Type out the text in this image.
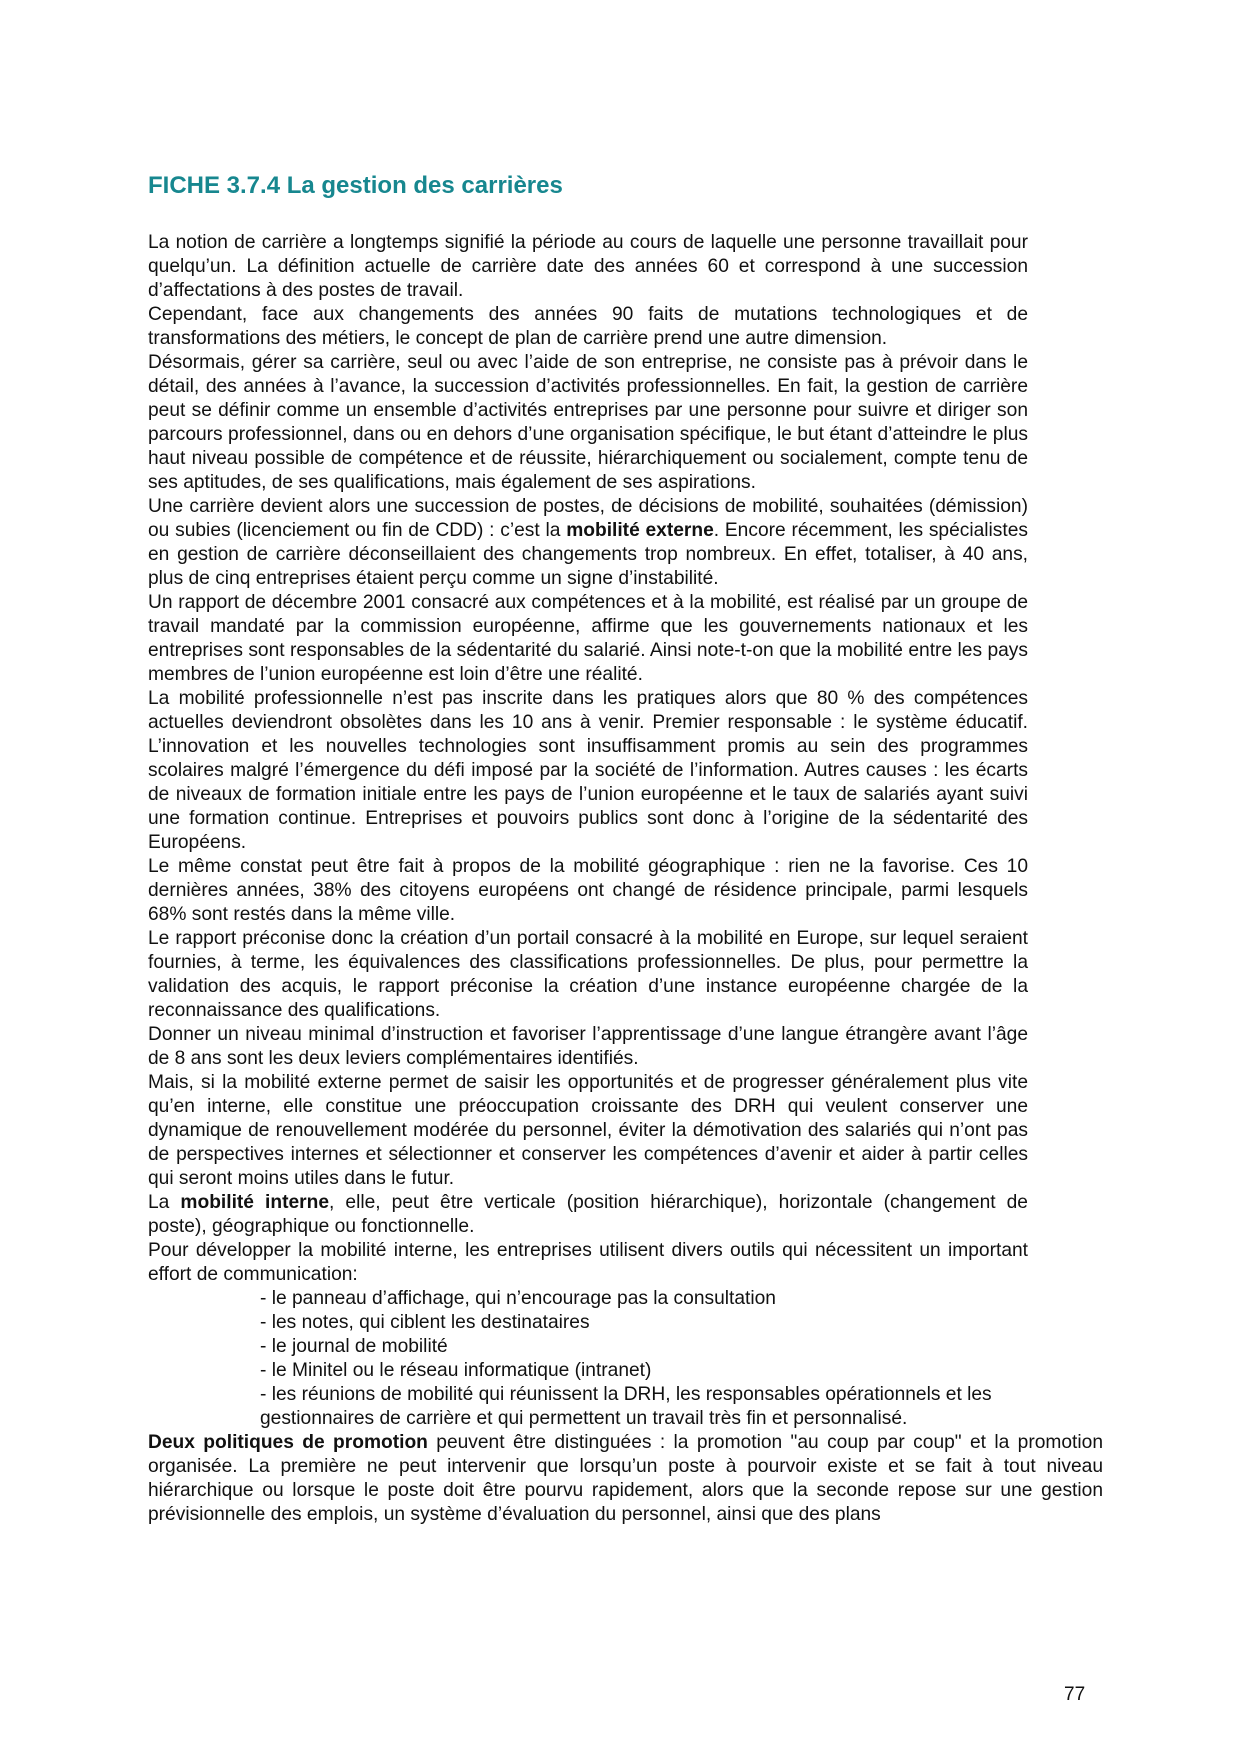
FICHE 3.7.4 La gestion des carrières

La notion de carrière a longtemps signifié la période au cours de laquelle une personne travaillait pour quelqu’un. La définition actuelle de carrière date des années 60 et correspond à une succession d’affectations à des postes de travail.

Cependant, face aux changements des années 90 faits de mutations technologiques et de transformations des métiers, le concept de plan de carrière prend une autre dimension.

Désormais, gérer sa carrière, seul ou avec l’aide de son entreprise, ne consiste pas à prévoir dans le détail, des années à l’avance, la succession d’activités professionnelles. En fait, la gestion de carrière peut se définir comme un ensemble d’activités entreprises par une personne pour suivre et diriger son parcours professionnel, dans ou en dehors d’une organisation spécifique, le but étant d’atteindre le plus haut niveau possible de compétence et de réussite, hiérarchiquement ou socialement, compte tenu de ses aptitudes, de ses qualifications, mais également de ses aspirations.

Une carrière devient alors une succession de postes, de décisions de mobilité, souhaitées (démission) ou subies (licenciement ou fin de CDD) : c’est la mobilité externe. Encore récemment, les spécialistes en gestion de carrière déconseillaient des changements trop nombreux. En effet, totaliser, à 40 ans, plus de cinq entreprises étaient perçu comme un signe d’instabilité.

Un rapport de décembre 2001 consacré aux compétences et à la mobilité, est réalisé par un groupe de travail mandaté par la commission européenne, affirme que les gouvernements nationaux et les entreprises sont responsables de la sédentarité du salarié. Ainsi note-t-on que la mobilité entre les pays membres de l’union européenne est loin d’être une réalité.

La mobilité professionnelle n’est pas inscrite dans les pratiques alors que 80 % des compétences actuelles deviendront obsolètes dans les 10 ans à venir. Premier responsable : le système éducatif. L’innovation et les nouvelles technologies sont insuffisamment promis au sein des programmes scolaires malgré l’émergence du défi imposé par la société de l’information. Autres causes : les écarts de niveaux de formation initiale entre les pays de l’union européenne et le taux de salariés ayant suivi une formation continue. Entreprises et pouvoirs publics sont donc à l’origine de la sédentarité des Européens.

Le même constat peut être fait à propos de la mobilité géographique : rien ne la favorise. Ces 10 dernières années, 38% des citoyens européens ont changé de résidence principale, parmi lesquels 68% sont restés dans la même ville.

Le rapport préconise donc la création d’un portail consacré à la mobilité en Europe, sur lequel seraient fournies, à terme, les équivalences des classifications professionnelles. De plus, pour permettre la validation des acquis, le rapport préconise la création d’une instance européenne chargée de la reconnaissance des qualifications.

Donner un niveau minimal d’instruction et favoriser l’apprentissage d’une langue étrangère avant l’âge de 8 ans sont les deux leviers complémentaires identifiés.

Mais, si la mobilité externe permet de saisir les opportunités et de progresser généralement plus vite qu’en interne, elle constitue une préoccupation croissante des DRH qui veulent conserver une dynamique de renouvellement modérée du personnel, éviter la démotivation des salariés qui n’ont pas de perspectives internes et sélectionner et conserver les compétences d’avenir et aider à partir celles qui seront moins utiles dans le futur.

La mobilité interne, elle, peut être verticale (position hiérarchique), horizontale (changement de poste), géographique ou fonctionnelle.

Pour développer la mobilité interne, les entreprises utilisent divers outils qui nécessitent un important effort de communication:

- le panneau d’affichage, qui n’encourage pas la consultation
- les notes, qui ciblent les destinataires
- le journal de mobilité
- le Minitel ou le réseau informatique (intranet)
- les réunions de mobilité qui réunissent la DRH, les responsables opérationnels et les gestionnaires de carrière et qui permettent un travail très fin et personnalisé.

Deux politiques de promotion peuvent être distinguées : la promotion "au coup par coup" et la promotion organisée. La première ne peut intervenir que lorsqu’un poste à pourvoir existe et se fait à tout niveau hiérarchique ou lorsque le poste doit être pourvu rapidement, alors que la seconde repose sur une gestion prévisionnelle des emplois, un système d’évaluation du personnel, ainsi que des plans

77
